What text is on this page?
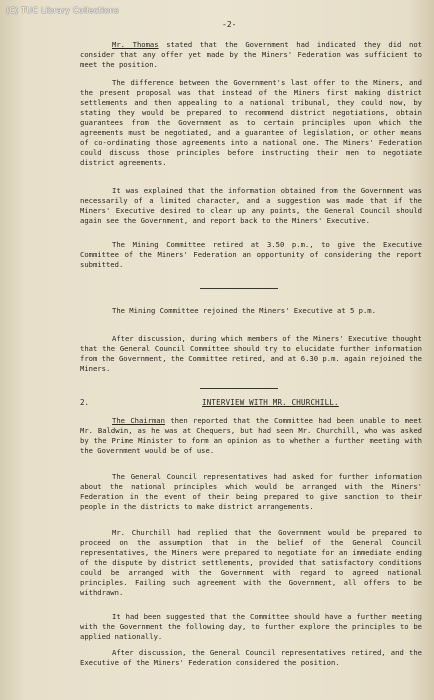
(C) TUC Library Collections
-2-

Mr. Thomas stated that the Government had indicated they did not consider that any offer yet made by the Miners' Federation was sufficient to meet the position.

The difference between the Government's last offer to the Miners, and the present proposal was that instead of the Miners first making district settlements and then appealing to a national tribunal, they could now, by stating they would be prepared to recommend district negotiations, obtain guarantees from the Government as to certain principles upon which the agreements must be negotiated, and a guarantee of legislation, or other means of co-ordinating those agreements into a national one. The Miners' Federation could discuss those principles before instructing their men to negotiate district agreements.

It was explained that the information obtained from the Government was necessarily of a limited character, and a suggestion was made that if the Miners' Executive desired to clear up any points, the General Council should again see the Government, and report back to the Miners' Executive.

The Mining Committee retired at 3.50 p.m., to give the Executive Committee of the Miners' Federation an opportunity of considering the report submitted.

The Mining Committee rejoined the Miners' Executive at 5 p.m.

After discussion, during which members of the Miners' Executive thought that the General Council Committee should try to elucidate further information from the Government, the Committee retired, and at 6.30 p.m. again rejoined the Miners.

2.	INTERVIEW WITH MR. CHURCHILL.

The Chairman then reported that the Committee had been unable to meet Mr. Baldwin, as he was at Chequers, but had seen Mr. Churchill, who was asked by the Prime Minister to form an opinion as to whether a further meeting with the Government would be of use.

The General Council representatives had asked for further information about the national principles which would be arranged with the Miners' Federation in the event of their being prepared to give sanction to their people in the districts to make district arrangements.

Mr. Churchill had replied that the Government would be prepared to proceed on the assumption that in the belief of the General Council representatives, the Miners were prepared to negotiate for an immediate ending of the dispute by district settlements, provided that satisfactory conditions could be arranged with the Government with regard to agreed national principles. Failing such agreement with the Government, all offers to be withdrawn.

It had been suggested that the Committee should have a further meeting with the Government the following day, to further explore the principles to be applied nationally.

After discussion, the General Council representatives retired, and the Executive of the Miners' Federation considered the position.
